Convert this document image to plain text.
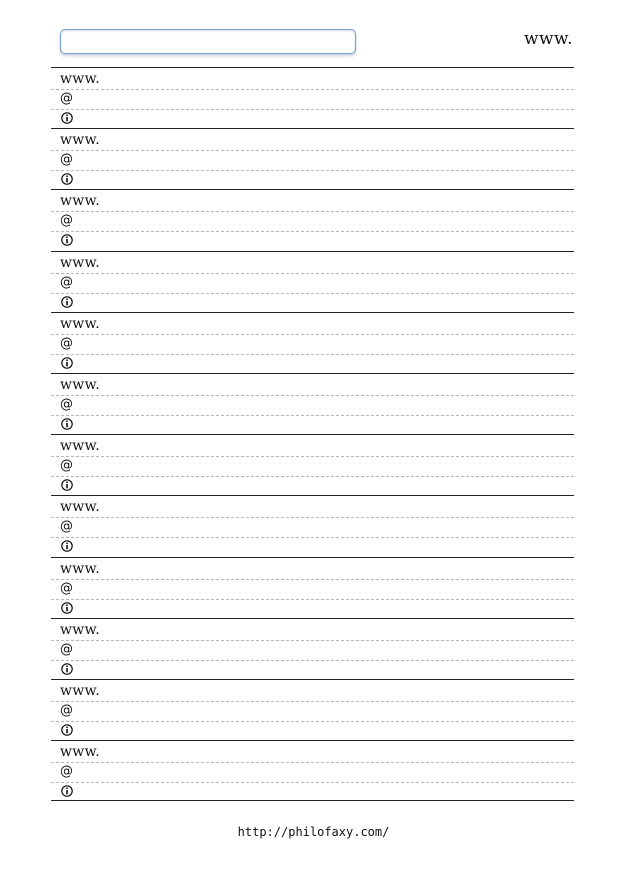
www.
www.
@
www.
@
www.
@
www.
@
www.
@
www.
@
www.
@
www.
@
www.
@
www.
@
www.
@
www.
@
http://philofaxy.com/
